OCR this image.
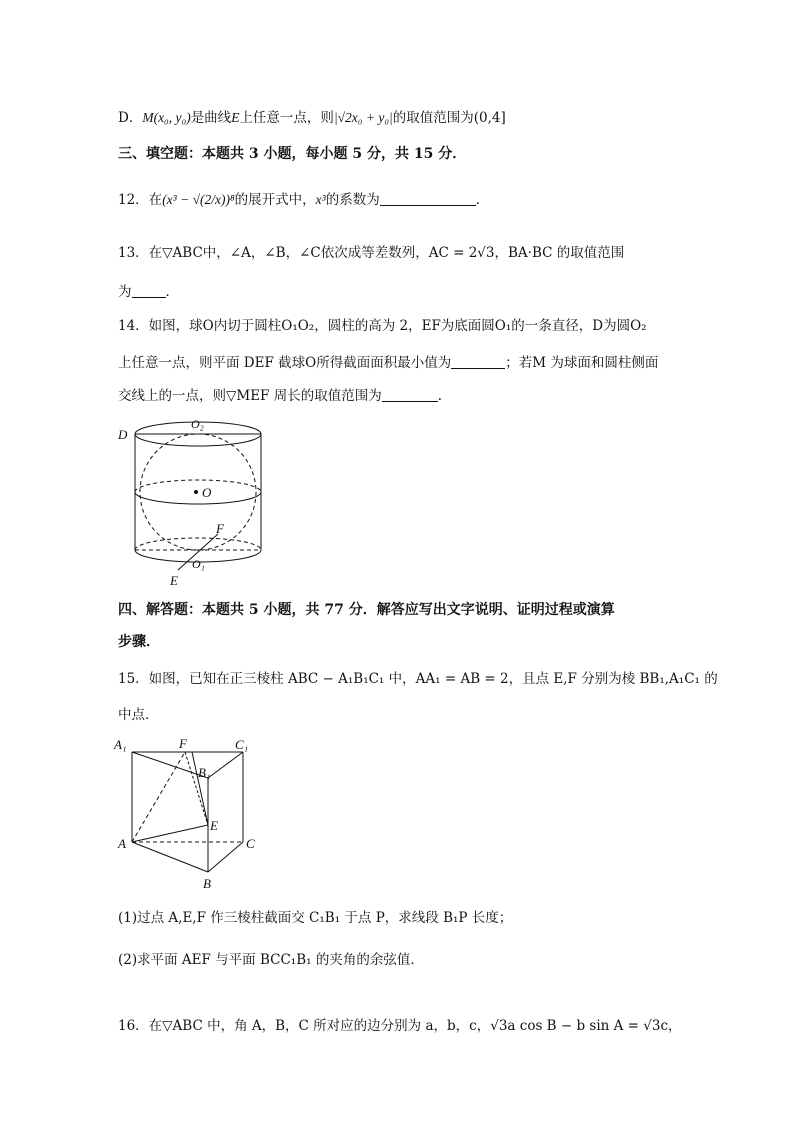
D．M(x₀, y₀)是曲线E上任意一点，则|√2x₀ + y₀|的取值范围为(0,4]
三、填空题：本题共 3 小题，每小题 5 分，共 15 分．
12．在(x³ − √(2/x))⁸的展开式中，x³的系数为	．
13．在▽ABC中，∠A，∠B，∠C依次成等差数列，AC = 2√3，BA·BC 的取值范围
为	．
14．如图，球O内切于圆柱O₁O₂，圆柱的高为 2，EF为底面圆O₁的一条直径，D为圆O₂
上任意一点，则平面 DEF 截球O所得截面面积最小值为	；若M 为球面和圆柱侧面
交线上的一点，则▽MEF 周长的取值范围为	．
D
O₂
O
F
O₁
E
四、解答题：本题共 5 小题，共 77 分．解答应写出文字说明、证明过程或演算
步骤．
15．如图，已知在正三棱柱 ABC − A₁B₁C₁ 中，AA₁ = AB = 2，且点 E,F 分别为棱 BB₁,A₁C₁ 的
中点．
A₁	F	C₁
B₁
E
A	C
B
(1)过点 A,E,F 作三棱柱截面交 C₁B₁ 于点 P，求线段 B₁P 长度；
(2)求平面 AEF 与平面 BCC₁B₁ 的夹角的余弦值．
16．在▽ABC 中，角 A，B，C 所对应的边分别为 a，b，c，√3a cos B − b sin A = √3c，
